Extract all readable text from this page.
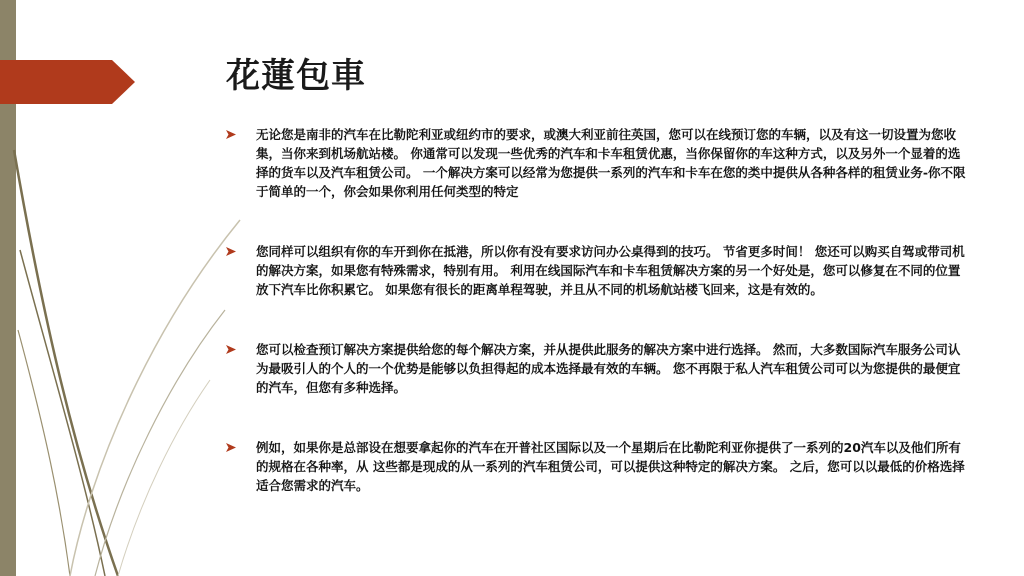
花蓮包車
无论您是南非的汽车在比勒陀利亚或纽约市的要求，或澳大利亚前往英国，您可以在线预订您的车辆，以及有这一切设置为您收集，当你来到机场航站楼。 你通常可以发现一些优秀的汽车和卡车租赁优惠，当你保留你的车这种方式，以及另外一个显着的选择的货车以及汽车租赁公司。 一个解决方案可以经常为您提供一系列的汽车和卡车在您的类中提供从各种各样的租赁业务-你不限于简单的一个，你会如果你利用任何类型的特定
您同样可以组织有你的车开到你在抵港，所以你有没有要求访问办公桌得到的技巧。 节省更多时间！ 您还可以购买自驾或带司机的解决方案，如果您有特殊需求，特别有用。 利用在线国际汽车和卡车租赁解决方案的另一个好处是，您可以修复在不同的位置放下汽车比你积累它。 如果您有很长的距离单程驾驶，并且从不同的机场航站楼飞回来，这是有效的。
您可以检查预订解决方案提供给您的每个解决方案，并从提供此服务的解决方案中进行选择。 然而，大多数国际汽车服务公司认为最吸引人的个人的一个优势是能够以负担得起的成本选择最有效的车辆。 您不再限于私人汽车租赁公司可以为您提供的最便宜的汽车，但您有多种选择。
例如，如果你是总部设在想要拿起你的汽车在开普社区国际以及一个星期后在比勒陀利亚你提供了一系列的20汽车以及他们所有的规格在各种率，从 这些都是现成的从一系列的汽车租赁公司，可以提供这种特定的解决方案。 之后，您可以以最低的价格选择适合您需求的汽车。
